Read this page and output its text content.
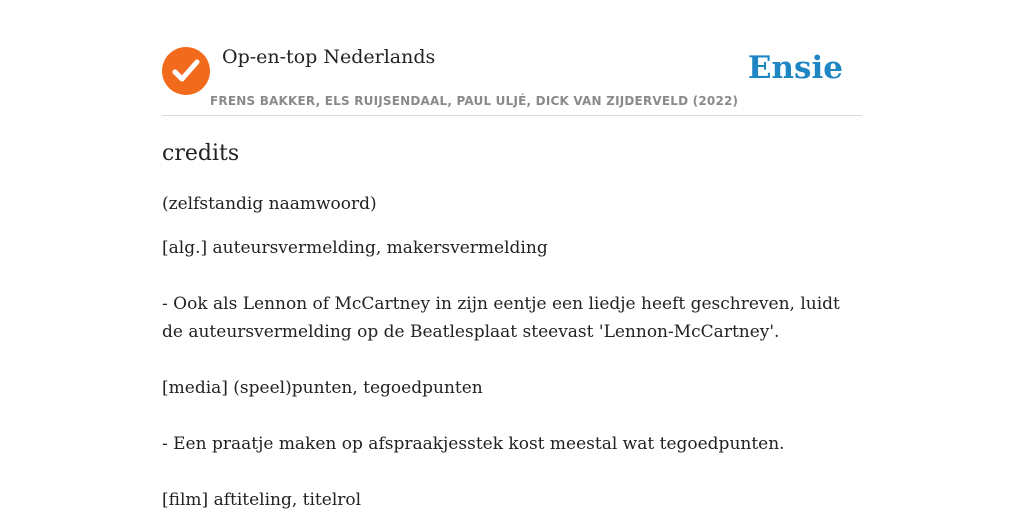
Op-en-top Nederlands
FRENS BAKKER, ELS RUIJSENDAAL, PAUL ULJÉ, DICK VAN ZIJDERVELD (2022)
Ensie
credits
(zelfstandig naamwoord)
[alg.] auteursvermelding, makersvermelding
- Ook als Lennon of McCartney in zijn eentje een liedje heeft geschreven, luidt de auteursvermelding op de Beatlesplaat steevast 'Lennon-McCartney'.
[media] (speel)punten, tegoedpunten
- Een praatje maken op afspraakjesstek kost meestal wat tegoedpunten.
[film] aftiteling, titelrol
